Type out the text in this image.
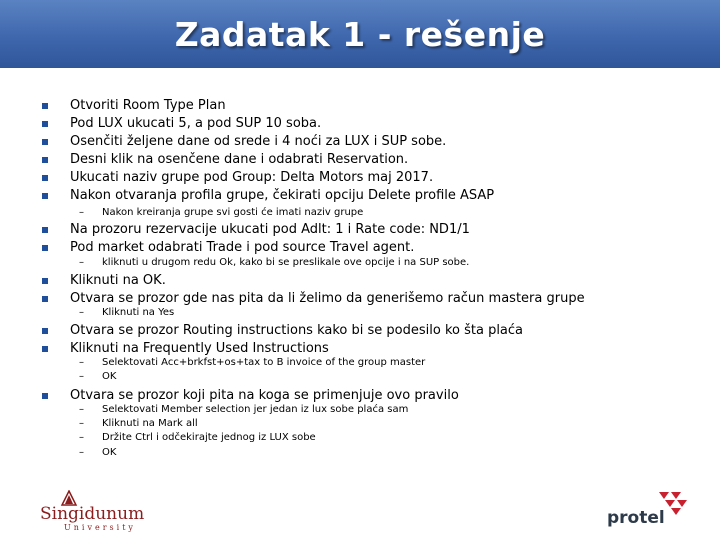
Zadatak 1 - rešenje
Otvoriti Room Type Plan
Pod LUX ukucati 5, a pod SUP 10 soba.
Osenčiti željene dane od srede i 4 noći za LUX i SUP sobe.
Desni klik na osenčene dane i odabrati Reservation.
Ukucati naziv grupe pod Group: Delta Motors maj 2017.
Nakon otvaranja profila grupe, čekirati opciju Delete profile ASAP
– Nakon kreiranja grupe svi gosti će imati naziv grupe
Na prozoru rezervacije ukucati pod Adlt: 1 i Rate code: ND1/1
Pod market odabrati Trade i pod source Travel agent.
– kliknuti u drugom redu Ok, kako bi se preslikale ove opcije i na SUP sobe.
Kliknuti na OK.
Otvara se prozor gde nas pita da li želimo da generišemo račun mastera grupe
– Kliknuti na Yes
Otvara se prozor Routing instructions kako bi se podesilo ko šta plaća
Kliknuti na Frequently Used Instructions
– Selektovati Acc+brkfst+os+tax to B invoice of the group master
– OK
Otvara se prozor koji pita na koga se primenjuje ovo pravilo
– Selektovati Member selection jer jedan iz lux sobe plaća sam
– Kliknuti na Mark all
– Držite Ctrl i odčekirajte jednog iz LUX sobe
– OK
Singidunum
University	protel
